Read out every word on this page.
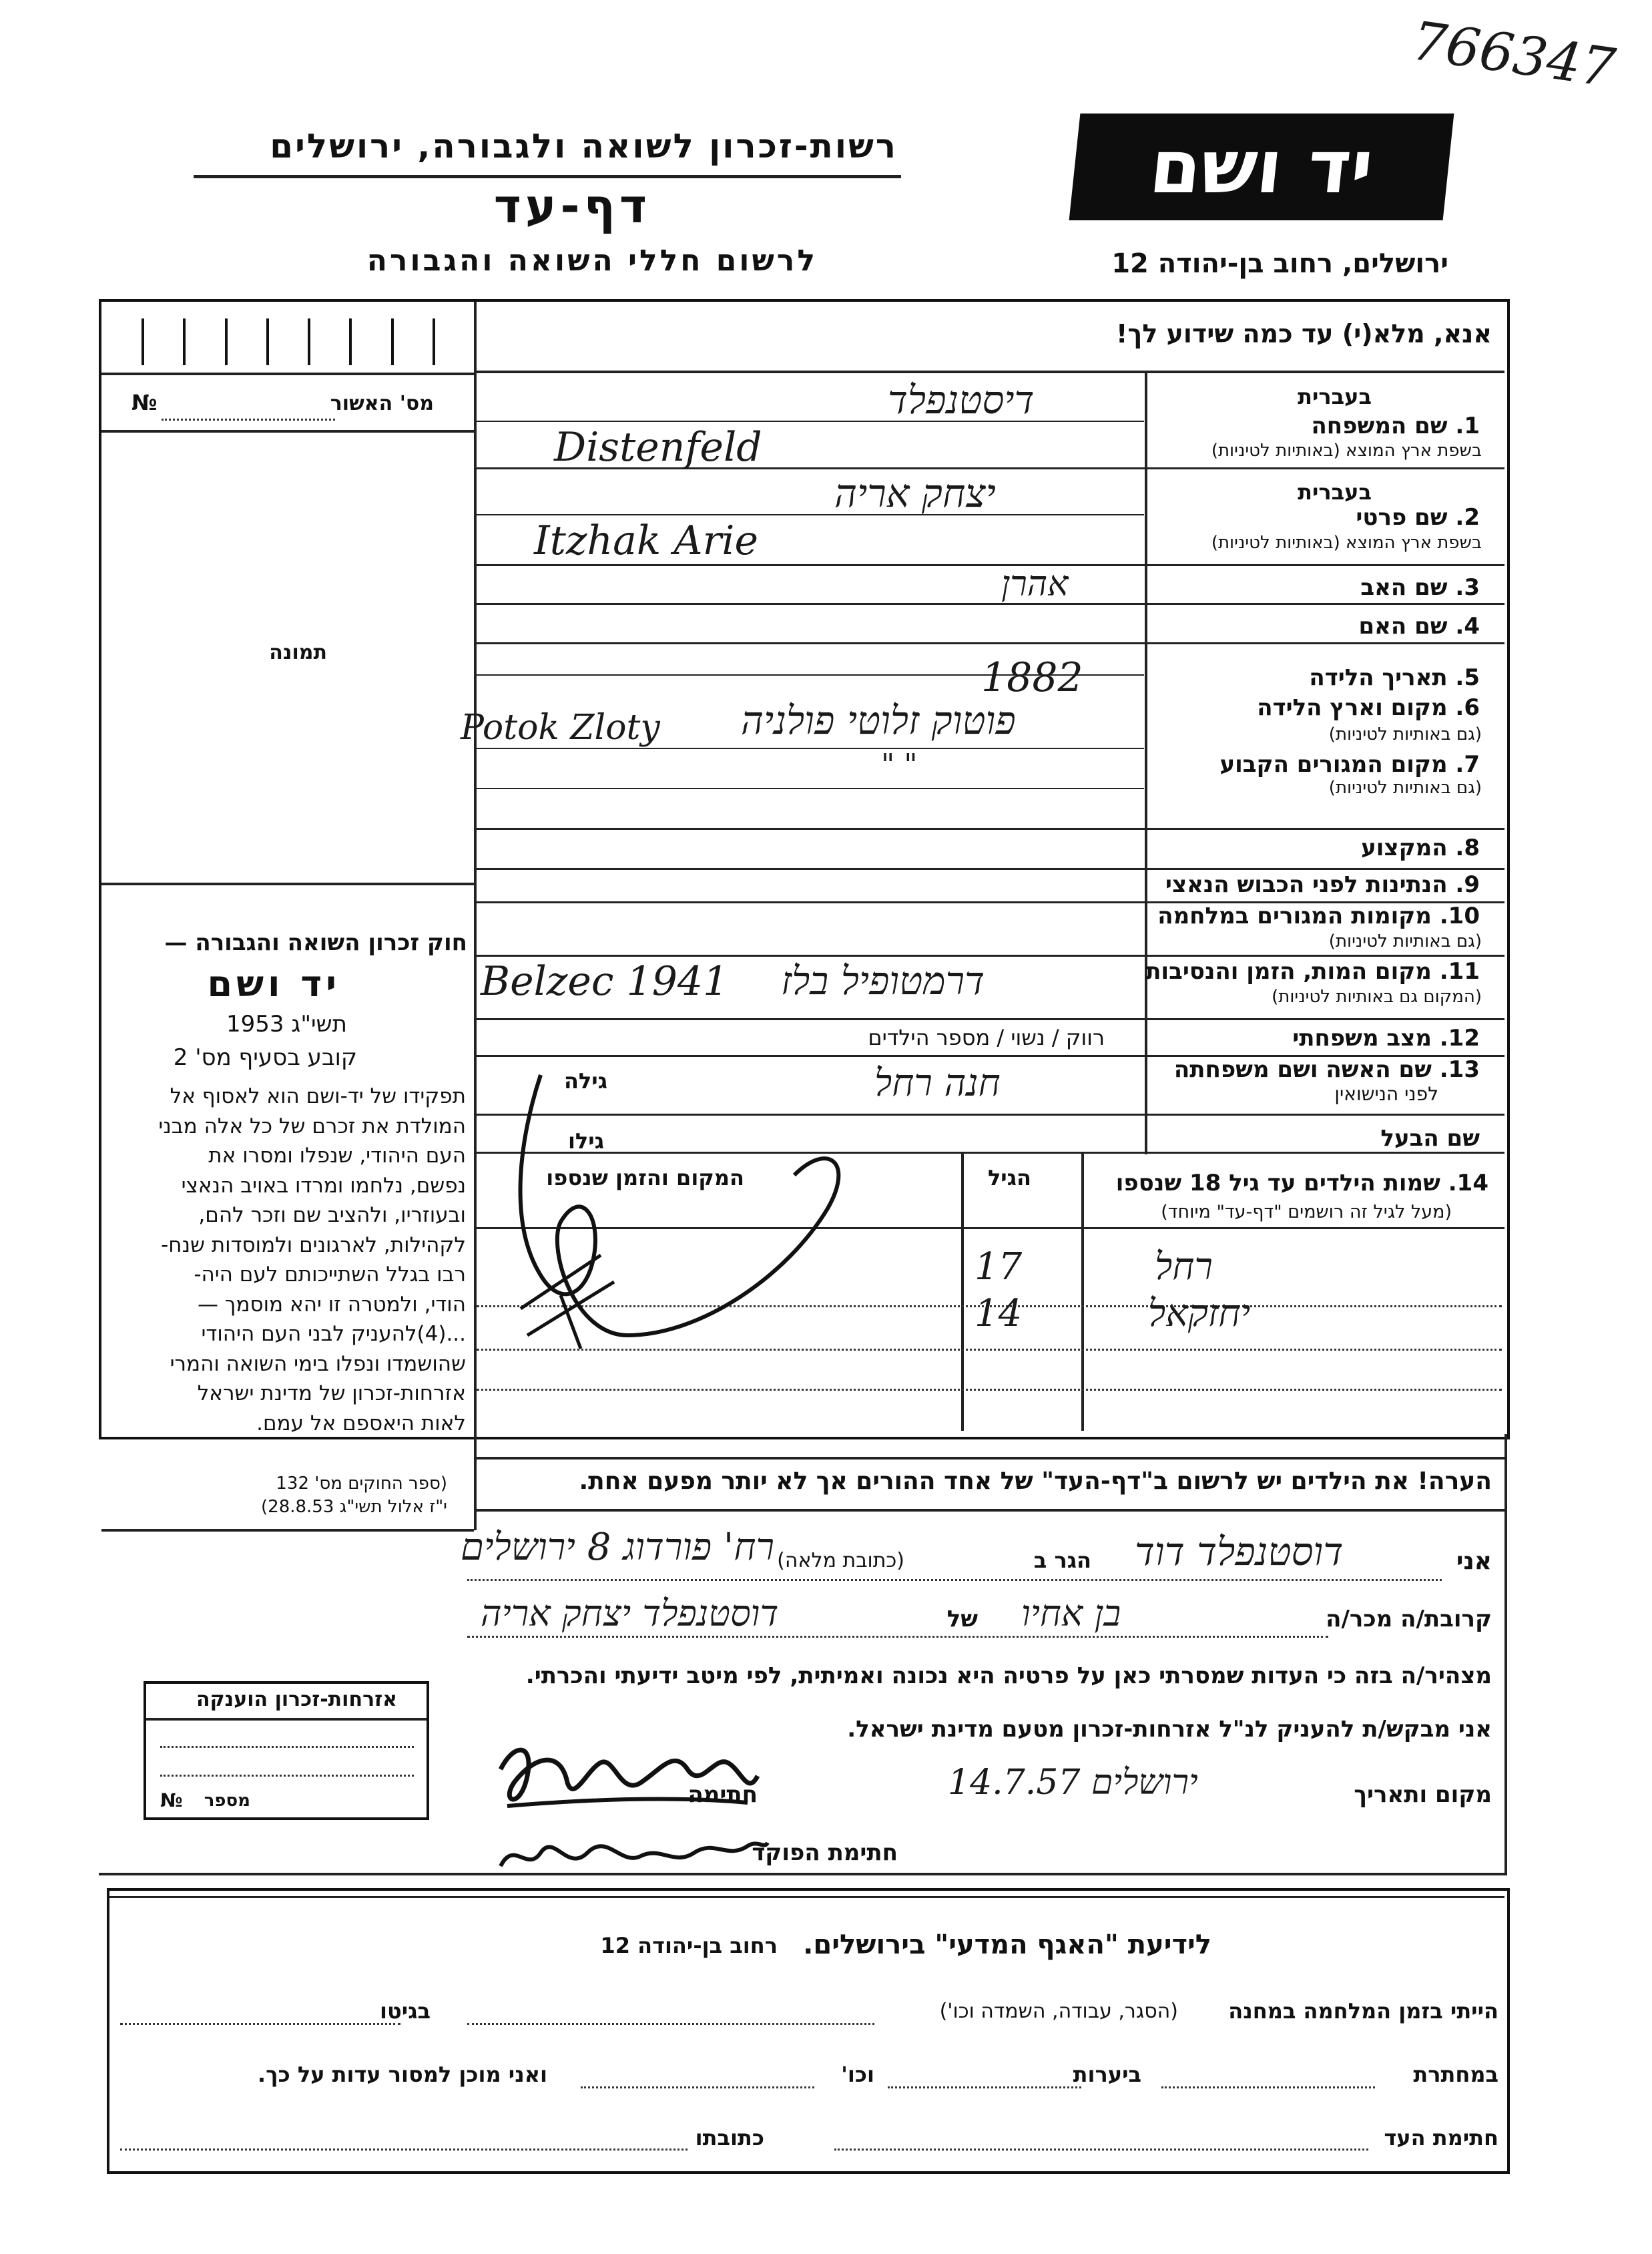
766347
רשות-זכרון לשואה ולגבורה, ירושלים
דף-עד
לרשום חללי השואה והגבורה
יד ושם
ירושלים, רחוב בן-יהודה 12
אנא, מלא(י) עד כמה שידוע לך!
מס' האשור
№
תמונה
חוק זכרון השואה והגבורה —
יד ושם
תשי"ג 1953
קובע בסעיף מס' 2
תפקידו של יד-ושם הוא לאסוף אל
המולדת את זכרם של כל אלה מבני
העם היהודי, שנפלו ומסרו את
נפשם, נלחמו ומרדו באויב הנאצי
ובעוזריו, ולהציב שם וזכר להם,
לקהילות, לארגונים ולמוסדות שנח-
רבו בגלל השתייכותם לעם היה-
הודי, ולמטרה זו יהא מוסמך —
...(4)להעניק לבני העם היהודי
שהושמדו ונפלו בימי השואה והמרי
אזרחות-זכרון של מדינת ישראל
לאות היאספם אל עמם.
(ספר החוקים מס' 132
י"ז אלול תשי"ג 28.8.53)
בעברית
1. שם המשפחה
בשפת ארץ המוצא (באותיות לטיניות)
דיסטנפלד
Distenfeld
בעברית
2. שם פרטי
בשפת ארץ המוצא (באותיות לטיניות)
יצחק אריה
Itzhak Arie
3. שם האב
אהרן
4. שם האם
5. תאריך הלידה
1882
6. מקום וארץ הלידה
(גם באותיות לטיניות)
פוטוק זלוטי פולניה
Potok Zloty
7. מקום המגורים הקבוע
(גם באותיות לטיניות)
" "
8. המקצוע
9. הנתינות לפני הכבוש הנאצי
10. מקומות המגורים במלחמה
(גם באותיות לטיניות)
11. מקום המות, הזמן והנסיבות
(המקום גם באותיות לטיניות)
דרמטופיל בלז
Belzec 1941
12. מצב משפחתי
רווק / נשוי / מספר הילדים
13. שם האשה ושם משפחתה
לפני הנישואין
גילה	חנה רחל
שם הבעל
גילו
14. שמות הילדים עד גיל 18 שנספו
(מעל לגיל זה רושמים "דף-עד" מיוחד)
הגיל
המקום והזמן שנספו
רחל
17
יחזקאל
14
הערה! את הילדים יש לרשום ב"דף-העד" של אחד ההורים אך לא יותר מפעם אחת.
אני
דוסטנפלד דוד
הגר ב
(כתובת מלאה)
רח' פורדוג 8 ירושלים
קרובת/ה מכר/ה
בן אחיו
של
דוסטנפלד יצחק אריה
מצהיר/ה בזה כי העדות שמסרתי כאן על פרטיה היא נכונה ואמיתית, לפי מיטב ידיעתי והכרתי.
אני מבקש/ת להעניק לנ"ל אזרחות-זכרון מטעם מדינת ישראל.
מקום ותאריך
ירושלים 14.7.57
חתימה
חתימת הפוקד
אזרחות-זכרון הוענקה
מספר
№
לידיעת "האגף המדעי" בירושלים.
רחוב בן-יהודה 12
הייתי בזמן המלחמה במחנה
(הסגר, עבודה, השמדה וכו')
בגיטו
במחתרת
ביערות
וכו'
ואני מוכן למסור עדות על כך.
חתימת העד
כתובתו
